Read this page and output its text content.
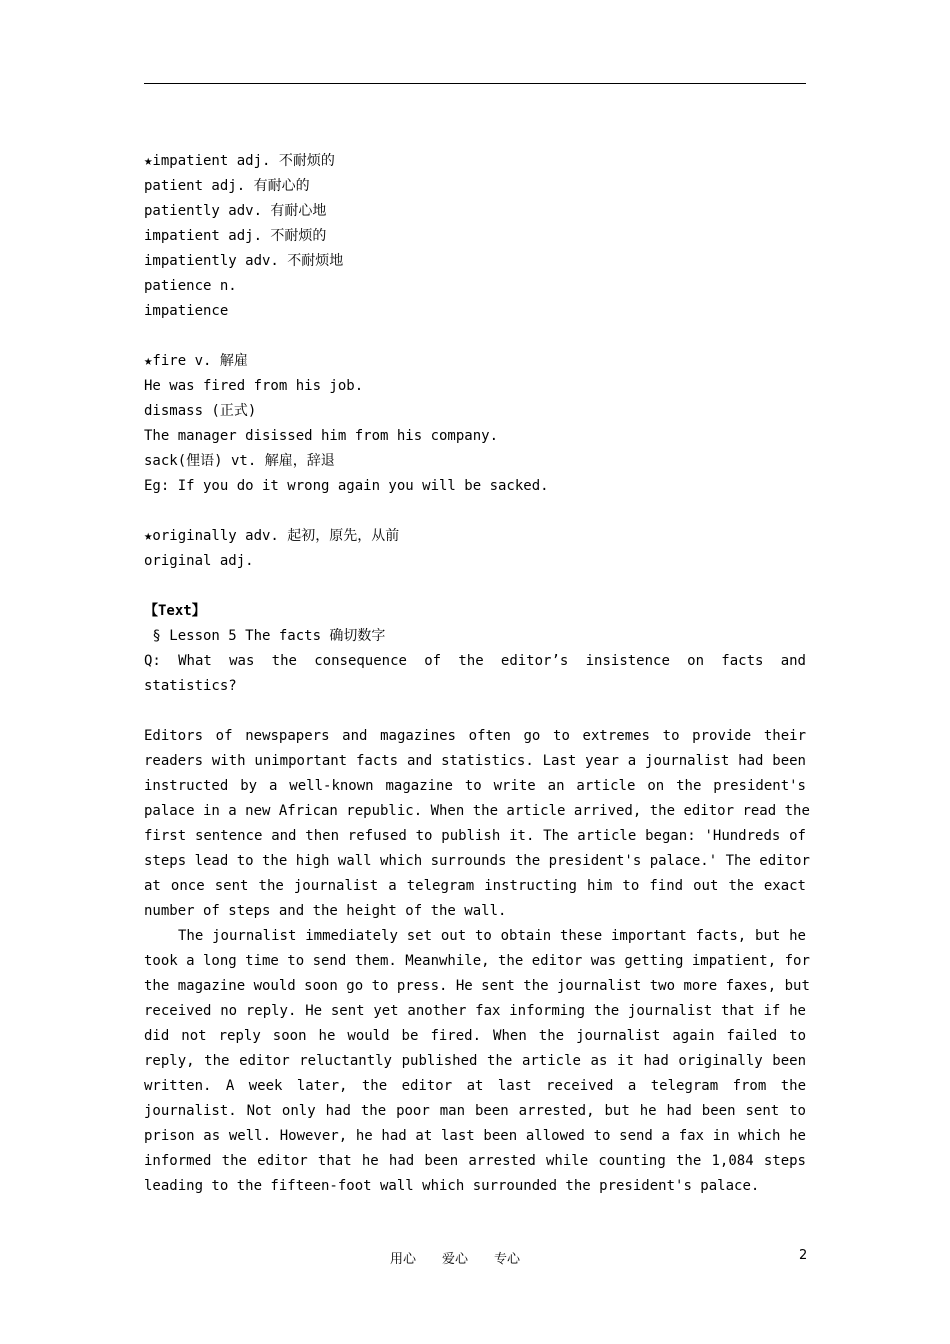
★impatient adj. 不耐烦的
patient adj. 有耐心的
patiently adv. 有耐心地
impatient adj. 不耐烦的
impatiently adv. 不耐烦地
patience n.
impatience
★fire v. 解雇
He was fired from his job.
dismass (正式)
The manager disissed him from his company.
sack(俚语) vt. 解雇，辞退
Eg: If you do it wrong again you will be sacked.
★originally adv. 起初，原先，从前
original adj.
【Text】
§ Lesson 5 The facts 确切数字
Q: What was the consequence of the editor’s insistence on facts and
statistics?
Editors of newspapers and magazines often go to extremes to provide their
readers with unimportant facts and statistics. Last year a journalist had been
instructed by a well-known magazine to write an article on the president's
palace in a new African republic. When the article arrived, the editor read the
first sentence and then refused to publish it. The article began: 'Hundreds of
steps lead to the high wall which surrounds the president's palace.' The editor
at once sent the journalist a telegram instructing him to find out the exact
number of steps and the height of the wall.
The journalist immediately set out to obtain these important facts, but he
took a long time to send them. Meanwhile, the editor was getting impatient, for
the magazine would soon go to press. He sent the journalist two more faxes, but
received no reply. He sent yet another fax informing the journalist that if he
did not reply soon he would be fired. When the journalist again failed to
reply, the editor reluctantly published the article as it had originally been
written. A week later, the editor at last received a telegram from the
journalist. Not only had the poor man been arrested, but he had been sent to
prison as well. However, he had at last been allowed to send a fax in which he
informed the editor that he had been arrested while counting the 1,084 steps
leading to the fifteen-foot wall which surrounded the president's palace.
用心　　爱心　　专心	2
